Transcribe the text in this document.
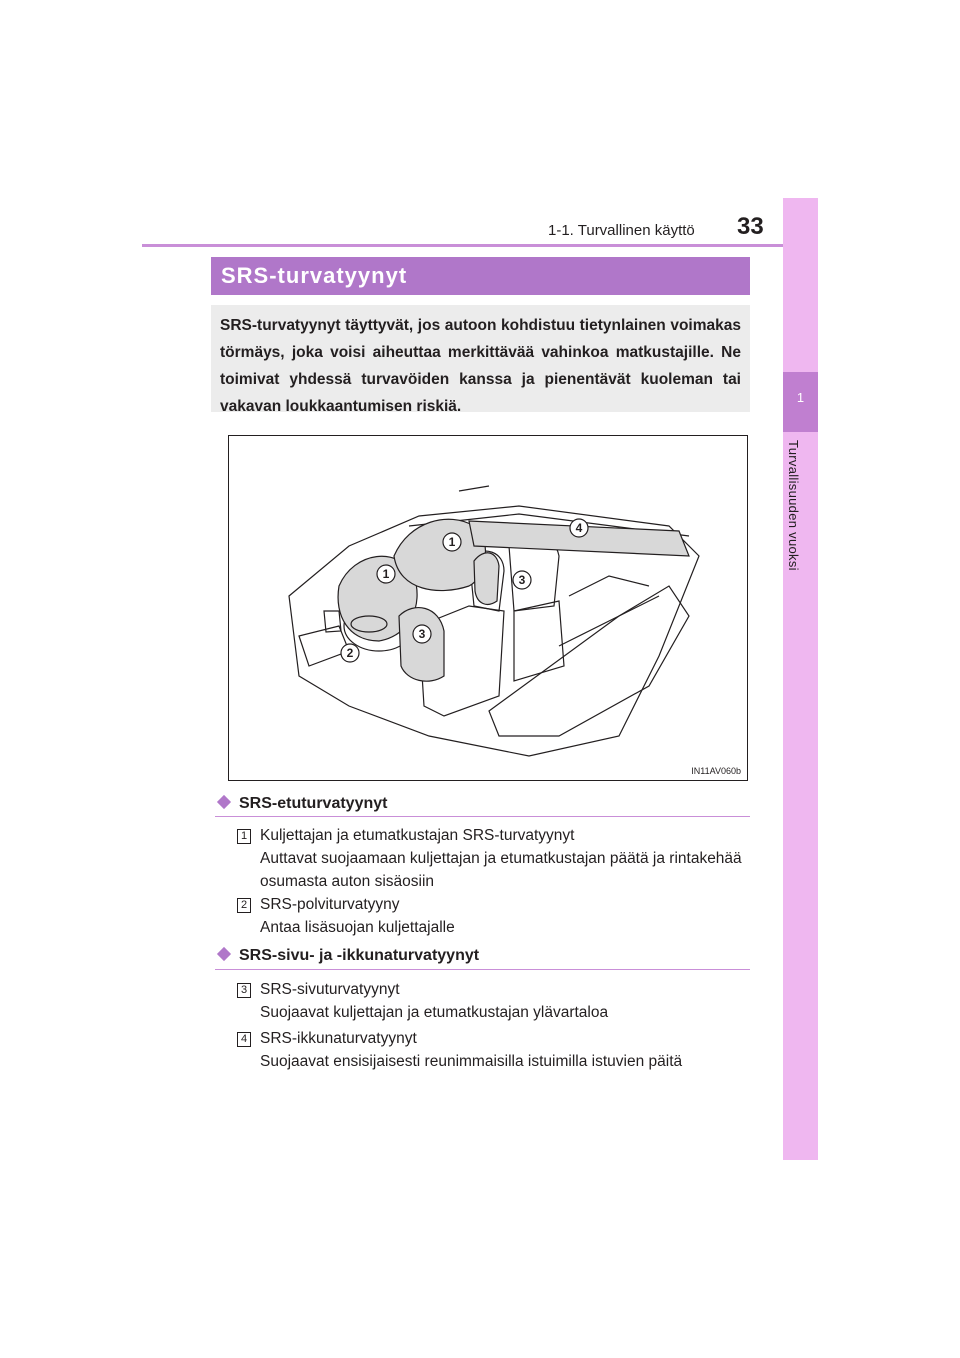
1-1. Turvallinen käyttö 33
1
Turvallisuuden vuoksi
SRS-turvatyynyt
SRS-turvatyynyt täyttyvät, jos autoon kohdistuu tietynlainen voimakas törmäys, joka voisi aiheuttaa merkittävää vahinkoa matkustajille. Ne toimivat yhdessä turvavöiden kanssa ja pienentävät kuoleman tai vakavan loukkaantumisen riskiä.
1
1
2
3
3
4
IN11AV060b
SRS-etuturvatyynyt
1 Kuljettajan ja etumatkustajan SRS-turvatyynyt
Auttavat suojaamaan kuljettajan ja etumatkustajan päätä ja rintakehää osumasta auton sisäosiin
2 SRS-polviturvatyyny
Antaa lisäsuojan kuljettajalle
SRS-sivu- ja -ikkunaturvatyynyt
3 SRS-sivuturvatyynyt
Suojaavat kuljettajan ja etumatkustajan ylävartaloa
4 SRS-ikkunaturvatyynyt
Suojaavat ensisijaisesti reunimmaisilla istuimilla istuvien päitä
